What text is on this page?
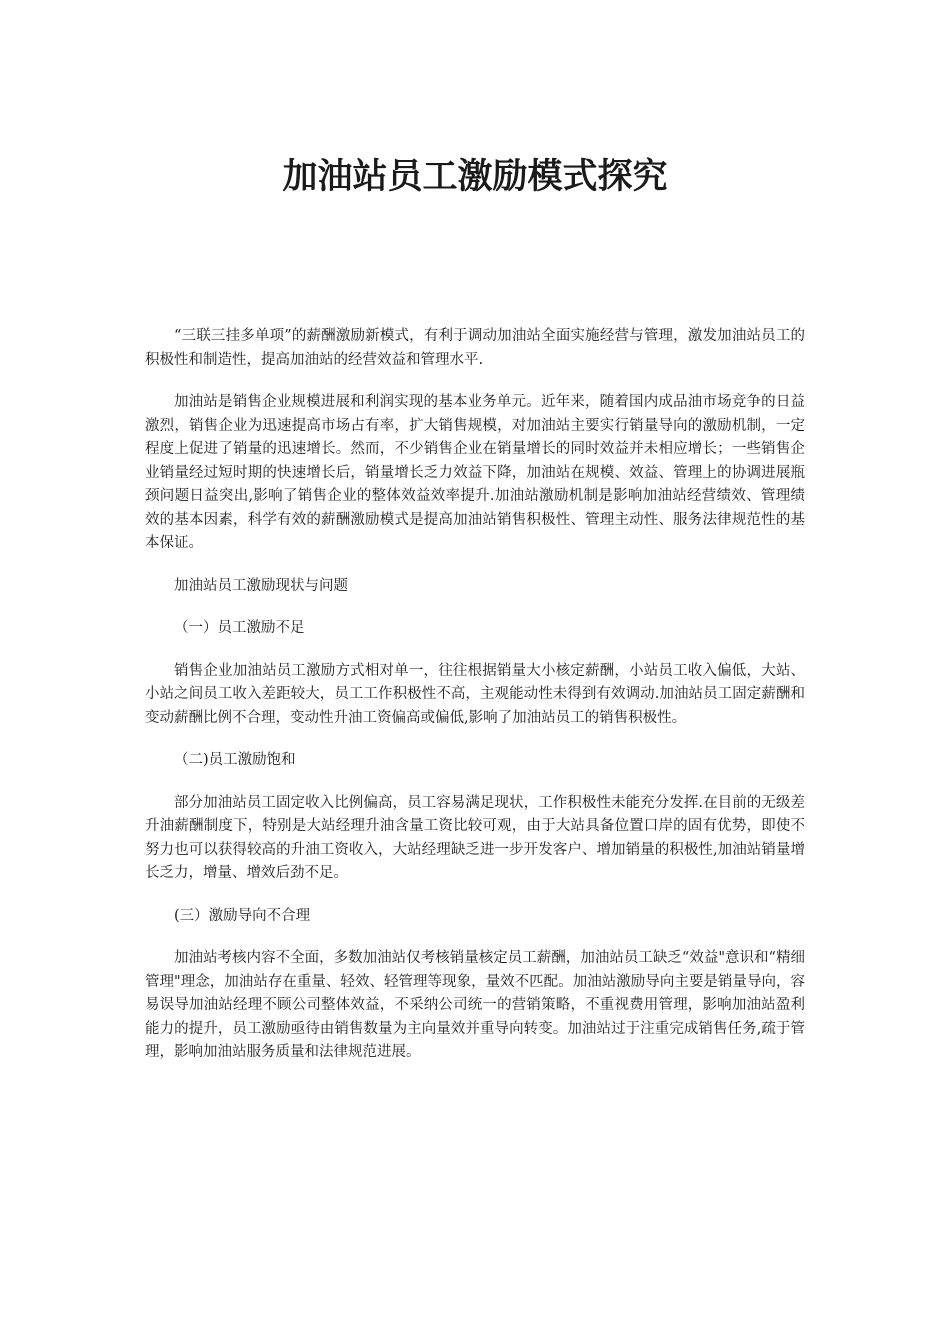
加油站员工激励模式探究

“三联三挂多单项”的薪酬激励新模式，有利于调动加油站全面实施经营与管理，激发加油站员工的积极性和制造性，提高加油站的经营效益和管理水平.

加油站是销售企业规模进展和利润实现的基本业务单元。近年来，随着国内成品油市场竞争的日益激烈，销售企业为迅速提高市场占有率，扩大销售规模，对加油站主要实行销量导向的激励机制，一定程度上促进了销量的迅速增长。然而，不少销售企业在销量增长的同时效益并未相应增长；一些销售企业销量经过短时期的快速增长后，销量增长乏力效益下降，加油站在规模、效益、管理上的协调进展瓶颈问题日益突出,影响了销售企业的整体效益效率提升.加油站激励机制是影响加油站经营绩效、管理绩效的基本因素，科学有效的薪酬激励模式是提高加油站销售积极性、管理主动性、服务法律规范性的基本保证。

加油站员工激励现状与问题

（一）员工激励不足

销售企业加油站员工激励方式相对单一，往往根据销量大小核定薪酬，小站员工收入偏低，大站、小站之间员工收入差距较大，员工工作积极性不高，主观能动性未得到有效调动.加油站员工固定薪酬和变动薪酬比例不合理，变动性升油工资偏高或偏低,影响了加油站员工的销售积极性。

（二)员工激励饱和

部分加油站员工固定收入比例偏高，员工容易满足现状，工作积极性未能充分发挥.在目前的无级差升油薪酬制度下，特别是大站经理升油含量工资比较可观，由于大站具备位置口岸的固有优势，即使不努力也可以获得较高的升油工资收入，大站经理缺乏进一步开发客户、增加销量的积极性,加油站销量增长乏力，增量、增效后劲不足。

(三）激励导向不合理

加油站考核内容不全面，多数加油站仅考核销量核定员工薪酬，加油站员工缺乏“效益"意识和“精细管理"理念，加油站存在重量、轻效、轻管理等现象，量效不匹配。加油站激励导向主要是销量导向，容易误导加油站经理不顾公司整体效益，不采纳公司统一的营销策略，不重视费用管理，影响加油站盈利能力的提升，员工激励亟待由销售数量为主向量效并重导向转变。加油站过于注重完成销售任务,疏于管理，影响加油站服务质量和法律规范进展。
